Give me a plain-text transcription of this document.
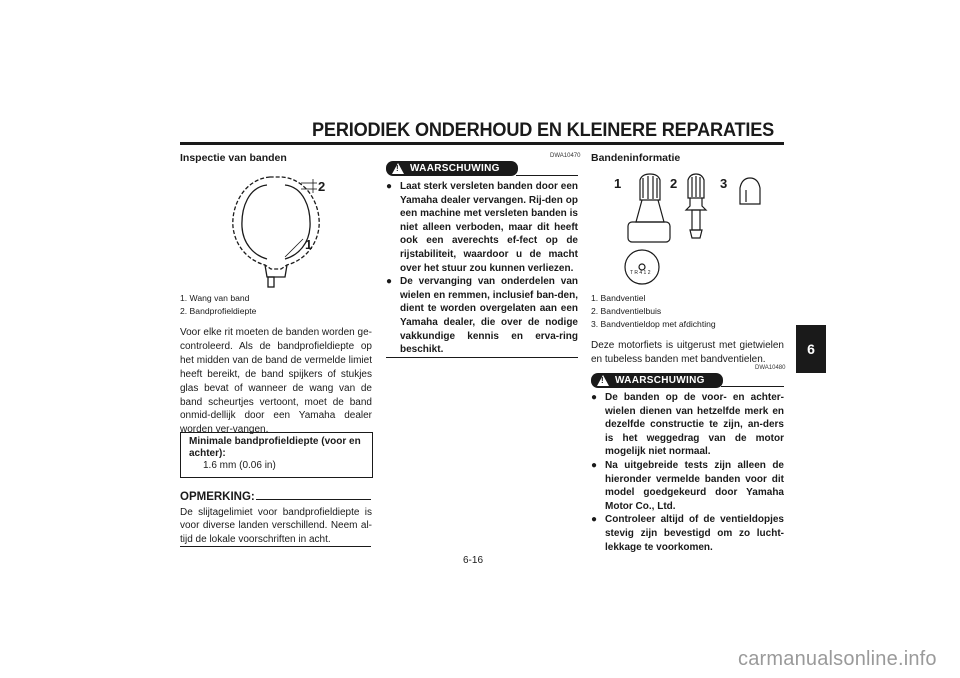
PERIODIEK ONDERHOUD EN KLEINERE REPARATIES
6
Inspectie van banden
2
1
1. Wang van band
2. Bandprofieldiepte
Voor elke rit moeten de banden worden ge-controleerd. Als de bandprofieldiepte op het midden van de band de vermelde limiet heeft bereikt, de band spijkers of stukjes glas bevat of wanneer de wang van de band scheurtjes vertoont, moet de band onmid-dellijk door een Yamaha dealer worden ver-vangen.
Minimale bandprofieldiepte (voor en achter):
1.6 mm (0.06 in)
OPMERKING:
De slijtagelimiet voor bandprofieldiepte is voor diverse landen verschillend. Neem al-tijd de lokale voorschriften in acht.
! WAARSCHUWING
DWA10470
● Laat sterk versleten banden door een Yamaha dealer vervangen. Rij-den op een machine met versleten banden is niet alleen verboden, maar dit heeft ook een averechts ef-fect op de rijstabiliteit, waardoor u de macht over het stuur zou kunnen verliezen.
● De vervanging van onderdelen van wielen en remmen, inclusief ban-den, dient te worden overgelaten aan een Yamaha dealer, die over de nodige vakkundige kennis en erva-ring beschikt.
Bandeninformatie
T R 4 1 2
1	2	3
1. Bandventiel
2. Bandventielbuis
3. Bandventieldop met afdichting
Deze motorfiets is uitgerust met gietwielen en tubeless banden met bandventielen.
! WAARSCHUWING
DWA10480
● De banden op de voor- en achter-wielen dienen van hetzelfde merk en dezelfde constructie te zijn, an-ders is het weggedrag van de motor mogelijk niet normaal.
● Na uitgebreide tests zijn alleen de hieronder vermelde banden voor dit model goedgekeurd door Yamaha Motor Co., Ltd.
● Controleer altijd of de ventieldopjes stevig zijn bevestigd om zo lucht-lekkage te voorkomen.
6-16
carmanualsonline.info
